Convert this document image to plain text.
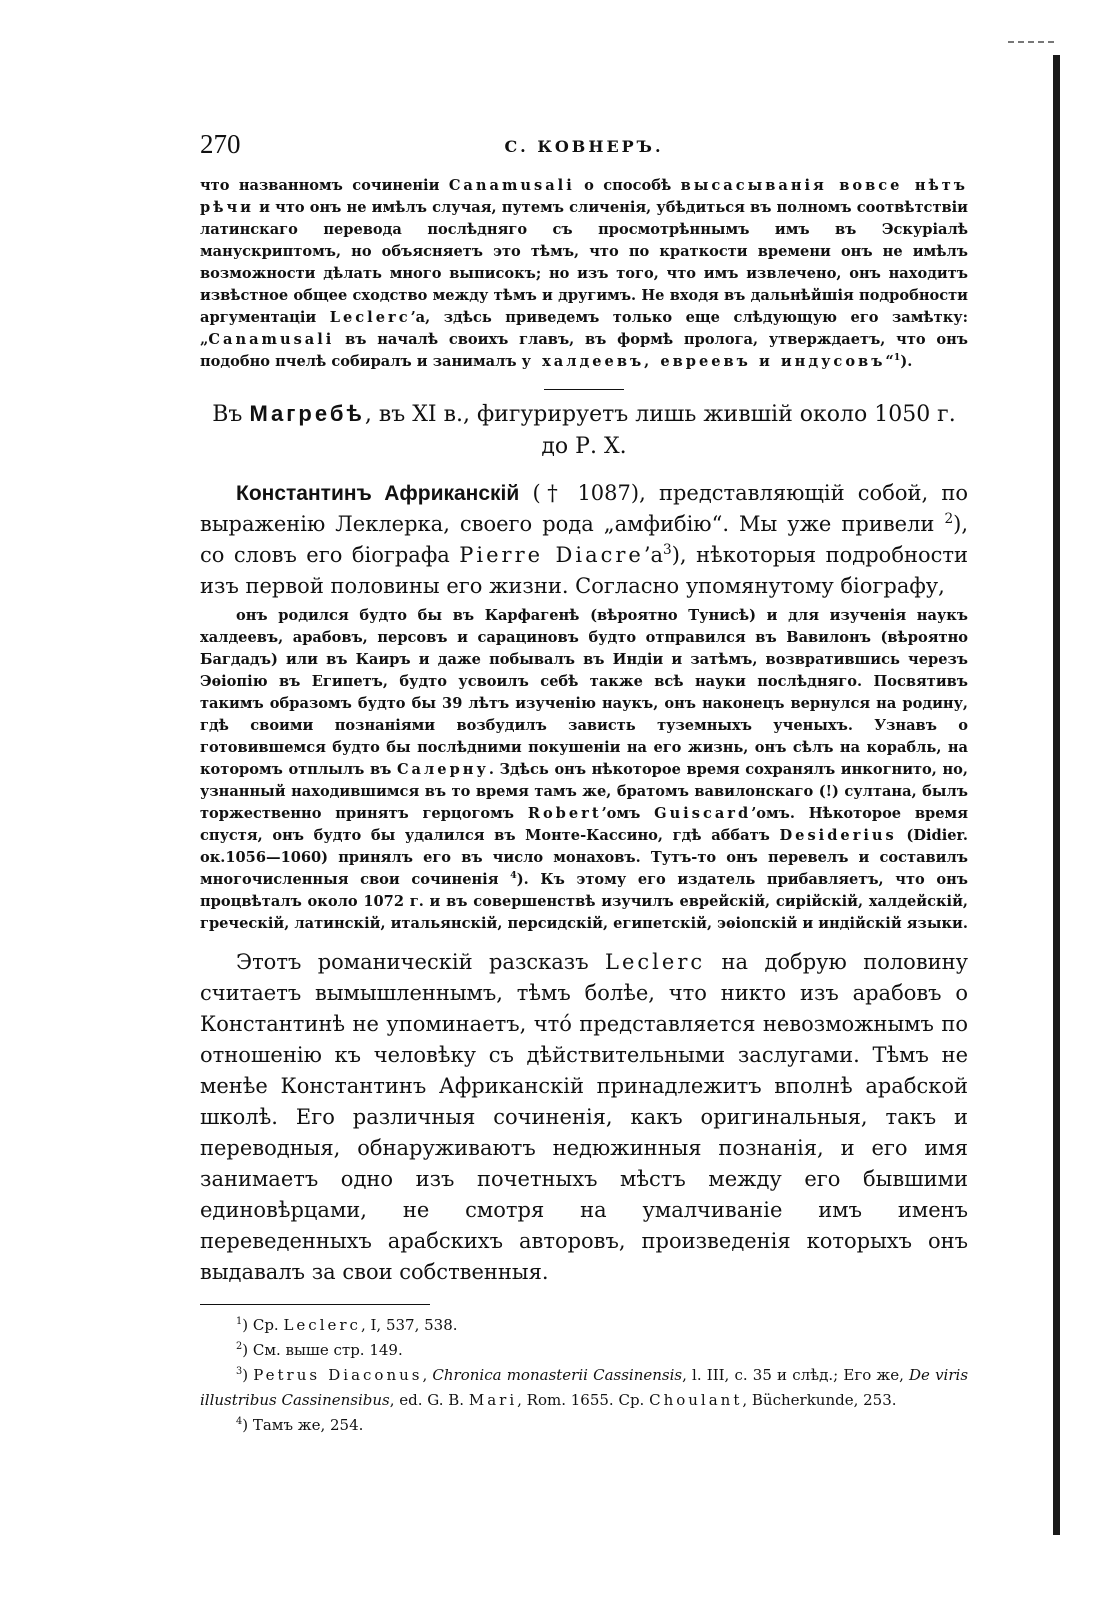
270	С. КОВНЕРЪ.

что названномъ сочиненіи Canamusali о способѣ высасыванія вовсе нѣтъ рѣчи и что онъ не имѣлъ случая, путемъ сличенія, убѣдиться въ полномъ соотвѣтствіи латинскаго перевода послѣдняго съ просмотрѣннымъ имъ въ Эскуріалѣ манускриптомъ, но объясняетъ это тѣмъ, что по краткости времени онъ не имѣлъ возможности дѣлать много выписокъ; но изъ того, что имъ извлечено, онъ находитъ извѣстное общее сходство между тѣмъ и другимъ. Не входя въ дальнѣйшія подробности аргументаціи Leclerc’а, здѣсь приведемъ только еще слѣдующую его замѣтку: „Canamusali въ началѣ своихъ главъ, въ формѣ пролога, утверждаетъ, что онъ подобно пчелѣ собиралъ и занималъ у халдеевъ, евреевъ и индусовъ“$^1$).

Въ Магребѣ, въ XI в., фигурируетъ лишь жившій около 1050 г. до Р. X.

Константинъ Африканскій († 1087), представляющій собой, по выраженію Леклерка, своего рода „амфибію“. Мы уже привели $^2$), со словъ его біографа Pierre $Diacre’а^3$), нѣкоторыя подробности изъ первой половины его жизни. Согласно упомянутому біографу,

онъ родился будто бы въ Карфагенѣ (вѣроятно Тунисѣ) и для изученія наукъ халдеевъ, арабовъ, персовъ и сарациновъ будто отправился въ Вавилонъ (вѣроятно Багдадъ) или въ Каиръ и даже побывалъ въ Индіи и затѣмъ, возвратившись черезъ Эѳіопію въ Египетъ, будто усвоилъ себѣ также всѣ науки послѣдняго. Посвятивъ такимъ образомъ будто бы 39 лѣтъ изученію наукъ, онъ наконецъ вернулся на родину, гдѣ своими познаніями возбудилъ зависть туземныхъ ученыхъ. Узнавъ о готовившемся будто бы послѣдними покушеніи на его жизнь, онъ сѣлъ на корабль, на которомъ отплылъ въ Салерну. Здѣсь онъ нѣкоторое время сохранялъ инкогнито, но, узнанный находившимся въ то время тамъ же, братомъ вавилонскаго (!) султана, былъ торжественно принятъ герцогомъ Robert’омъ Guiscard’омъ. Нѣкоторое время спустя, онъ будто бы удалился въ Монте-Кассино, гдѣ аббатъ Desiderius (Didier. ок.1056—1060) принялъ его въ число монаховъ. Тутъ-то онъ перевелъ и составилъ многочисленныя свои сочиненія $^4$). Къ этому его издатель прибавляетъ, что онъ процвѣталъ около 1072 г. и въ совершенствѣ изучилъ еврейскій, сирійскій, халдейскій, греческій, латинскій, итальянскій, персидскій, египетскій, эѳіопскій и индійскій языки.

Этотъ романическій разсказъ Leclerc на добрую половину считаетъ вымышленнымъ, тѣмъ болѣе, что никто изъ арабовъ о Константинѣ не упоминаетъ, чтó представляется невозможнымъ по отношенію къ человѣку съ дѣйствительными заслугами. Тѣмъ не менѣе Константинъ Африканскій принадлежитъ вполнѣ арабской школѣ. Его различныя сочиненія, какъ оригинальныя, такъ и переводныя, обнаруживаютъ недюжинныя познанія, и его имя занимаетъ одно изъ почетныхъ мѣстъ между его бывшими единовѣрцами, не смотря на умалчиваніе имъ именъ переведенныхъ арабскихъ авторовъ, произведенія которыхъ онъ выдавалъ за свои собственныя.

$^1$) Ср. Leclerc, I, 537, 538.

$^2$) См. выше стр. 149.

$^3$) Petrus Diaconus, Chronica monasterii Cassinensis, l. III, c. 35 и слѣд.; Его же, De viris illustribus Cassinensibus, ed. G. B. Mari, Rom. 1655. Ср. Choulant, Bücherkunde, 253.

$^4$) Тамъ же, 254.
